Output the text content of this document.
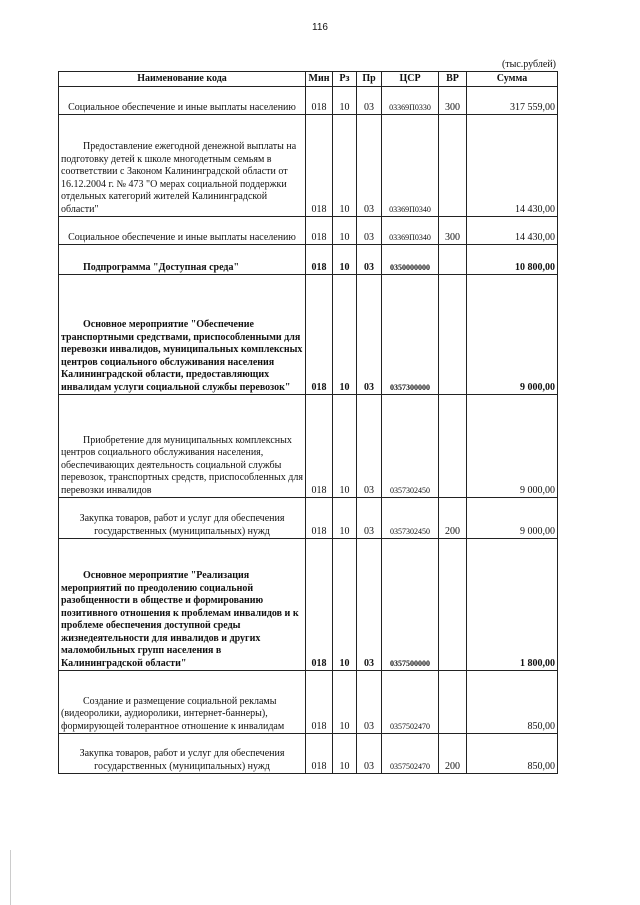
116
(тыс.рублей)
Наименование кода	Мин	Рз	Пр	ЦСР	ВР	Сумма
Социальное обеспечение и иные выплаты населению	018	10	03	03369П0330	300	317 559,00
Предоставление ежегодной денежной выплаты на подготовку детей к школе многодетным семьям в соответствии с Законом Калининградской области от 16.12.2004 г. № 473 "О мерах социальной поддержки отдельных категорий жителей Калининградской области"	018	10	03	03369П0340		14 430,00
Социальное обеспечение и иные выплаты населению	018	10	03	03369П0340	300	14 430,00
Подпрограмма "Доступная среда"	018	10	03	0350000000		10 800,00
Основное мероприятие "Обеспечение транспортными средствами, приспособленными для перевозки инвалидов, муниципальных комплексных центров социального обслуживания населения Калининградской области, предоставляющих инвалидам услуги социальной службы перевозок"	018	10	03	0357300000		9 000,00
Приобретение для муниципальных комплексных центров социального обслуживания населения, обеспечивающих деятельность социальной службы перевозок, транспортных средств, приспособленных для перевозки инвалидов	018	10	03	0357302450		9 000,00
Закупка товаров, работ и услуг для обеспечения государственных (муниципальных) нужд	018	10	03	0357302450	200	9 000,00
Основное мероприятие "Реализация мероприятий по преодолению социальной разобщенности в обществе и формированию позитивного отношения к проблемам инвалидов и к проблеме обеспечения доступной среды жизнедеятельности для инвалидов и других маломобильных групп населения в Калининградской области"	018	10	03	0357500000		1 800,00
Создание и размещение социальной рекламы (видеоролики, аудиоролики, интернет-баннеры), формирующей толерантное отношение к инвалидам	018	10	03	0357502470		850,00
Закупка товаров, работ и услуг для обеспечения государственных (муниципальных) нужд	018	10	03	0357502470	200	850,00
